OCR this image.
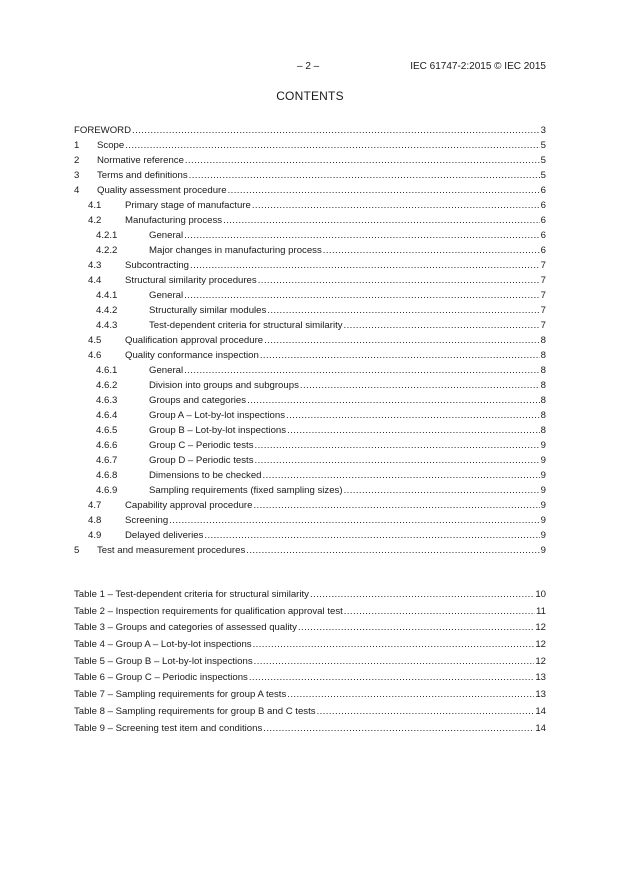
– 2 –	IEC 61747-2:2015 © IEC 2015
CONTENTS
FOREWORD .....	3
1	Scope .....	5
2	Normative reference .....	5
3	Terms and definitions .....	5
4	Quality assessment procedure .....	6
4.1	Primary stage of manufacture .....	6
4.2	Manufacturing process .....	6
4.2.1	General .....	6
4.2.2	Major changes in manufacturing process .....	6
4.3	Subcontracting .....	7
4.4	Structural similarity procedures .....	7
4.4.1	General .....	7
4.4.2	Structurally similar modules .....	7
4.4.3	Test-dependent criteria for structural similarity .....	7
4.5	Qualification approval procedure .....	8
4.6	Quality conformance inspection .....	8
4.6.1	General .....	8
4.6.2	Division into groups and subgroups .....	8
4.6.3	Groups and categories .....	8
4.6.4	Group A – Lot-by-lot inspections .....	8
4.6.5	Group B – Lot-by-lot inspections .....	8
4.6.6	Group C – Periodic tests .....	9
4.6.7	Group D – Periodic tests .....	9
4.6.8	Dimensions to be checked .....	9
4.6.9	Sampling requirements (fixed sampling sizes) .....	9
4.7	Capability approval procedure .....	9
4.8	Screening .....	9
4.9	Delayed deliveries .....	9
5	Test and measurement procedures .....	9
Table 1 – Test-dependent criteria for structural similarity .....	10
Table 2 – Inspection requirements for qualification approval test .....	11
Table 3 – Groups and categories of assessed quality .....	12
Table 4 – Group A – Lot-by-lot inspections .....	12
Table 5 – Group B – Lot-by-lot inspections .....	12
Table 6 – Group C – Periodic inspections .....	13
Table 7 – Sampling requirements for group A tests .....	13
Table 8 – Sampling requirements for group B and C tests .....	14
Table 9 – Screening test item and conditions .....	14
